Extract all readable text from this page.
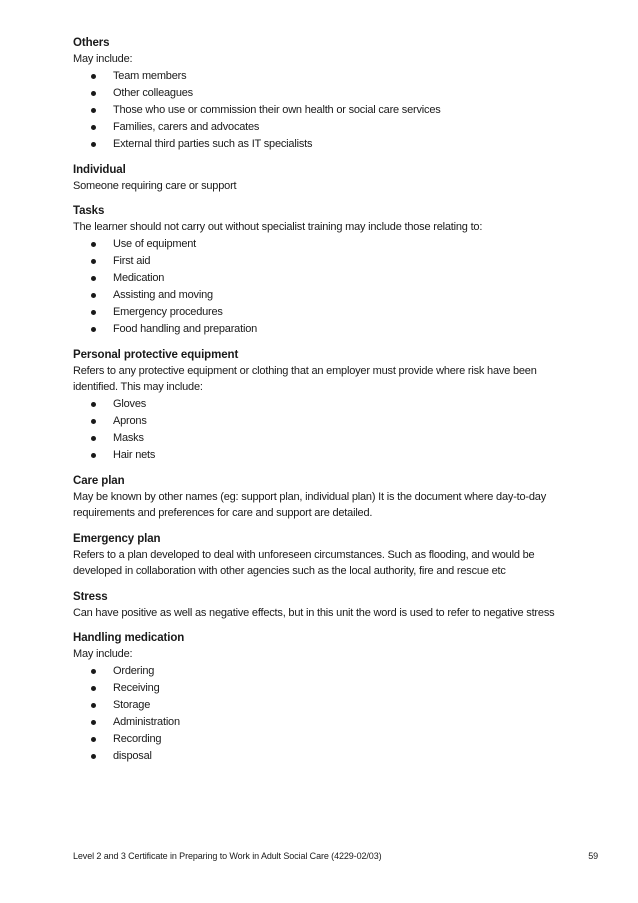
Others

May include:

Team members
Other colleagues
Those who use or commission their own health or social care services
Families, carers and advocates
External third parties such as IT specialists

Individual

Someone requiring care or support

Tasks

The learner should not carry out without specialist training may include those relating to:

Use of equipment
First aid
Medication
Assisting and moving
Emergency procedures
Food handling and preparation

Personal protective equipment

Refers to any protective equipment or clothing that an employer must provide where risk have been identified. This may include:

Gloves
Aprons
Masks
Hair nets

Care plan

May be known by other names (eg: support plan, individual plan) It is the document where day-to-day requirements and preferences for care and support are detailed.

Emergency plan

Refers to a plan developed to deal with unforeseen circumstances. Such as flooding, and would be developed in collaboration with other agencies such as the local authority, fire and rescue etc

Stress

Can have positive as well as negative effects, but in this unit the word is used to refer to negative stress

Handling medication

May include:

Ordering
Receiving
Storage
Administration
Recording
disposal
Level 2 and 3 Certificate in Preparing to Work in Adult Social Care (4229-02/03)	59
